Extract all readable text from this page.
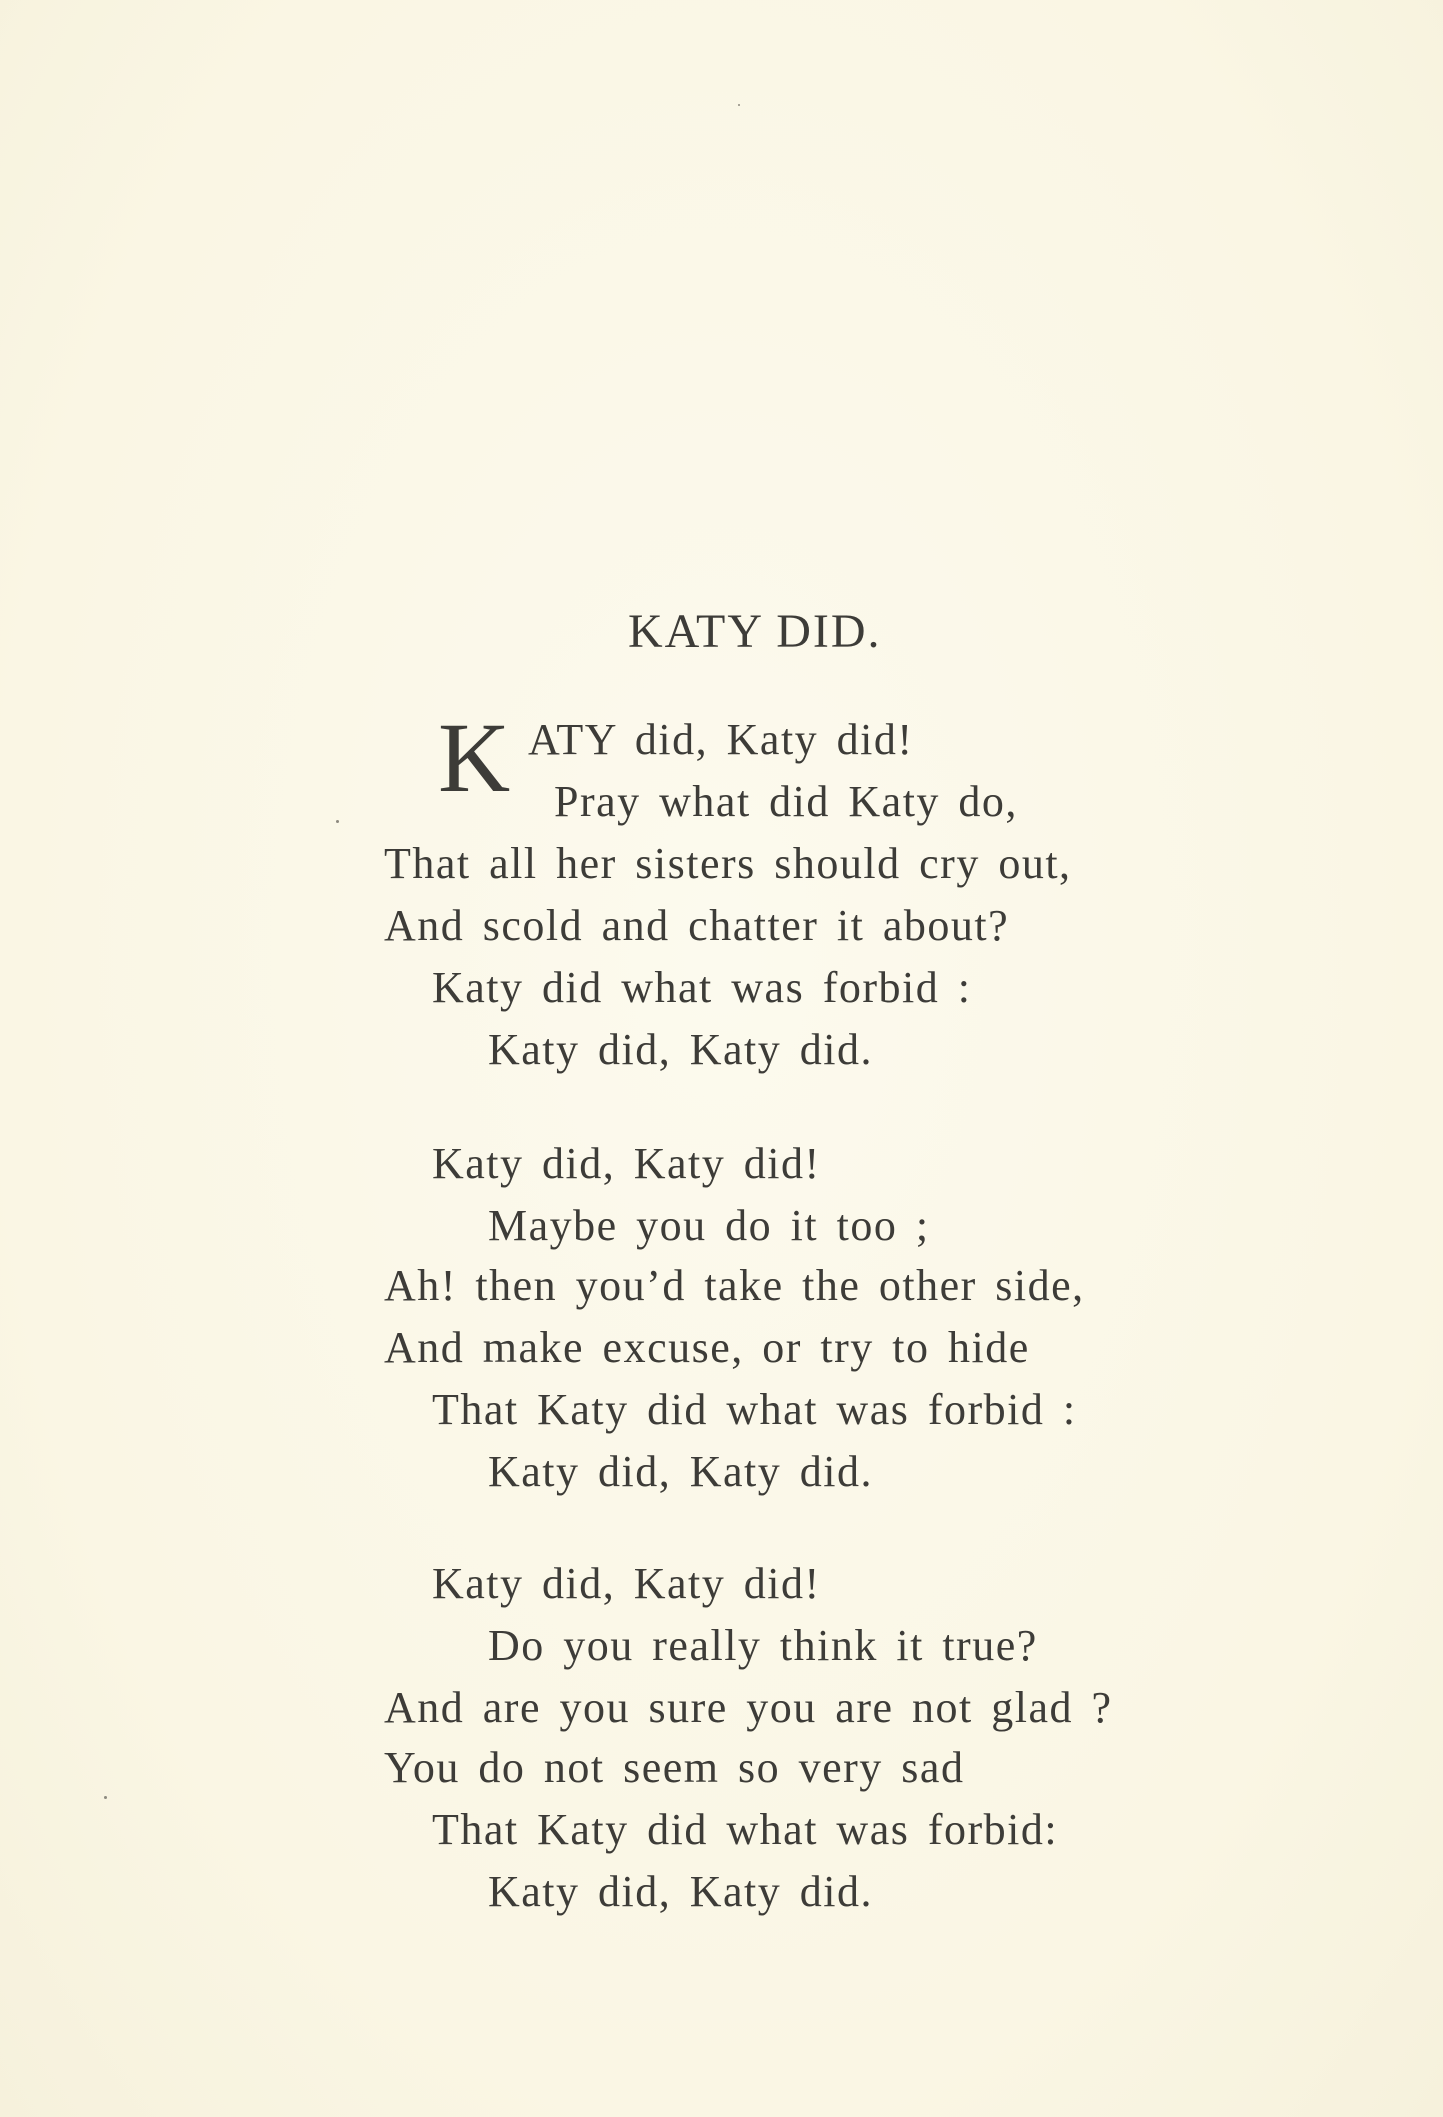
KATY DID.
K ATY did, Katy did!
Pray what did Katy do,
That all her sisters should cry out,
And scold and chatter it about?
Katy did what was forbid :
Katy did, Katy did.
Katy did, Katy did!
Maybe you do it too ;
Ah! then you’d take the other side,
And make excuse, or try to hide
That Katy did what was forbid :
Katy did, Katy did.
Katy did, Katy did!
Do you really think it true?
And are you sure you are not glad ?
You do not seem so very sad
That Katy did what was forbid:
Katy did, Katy did.
